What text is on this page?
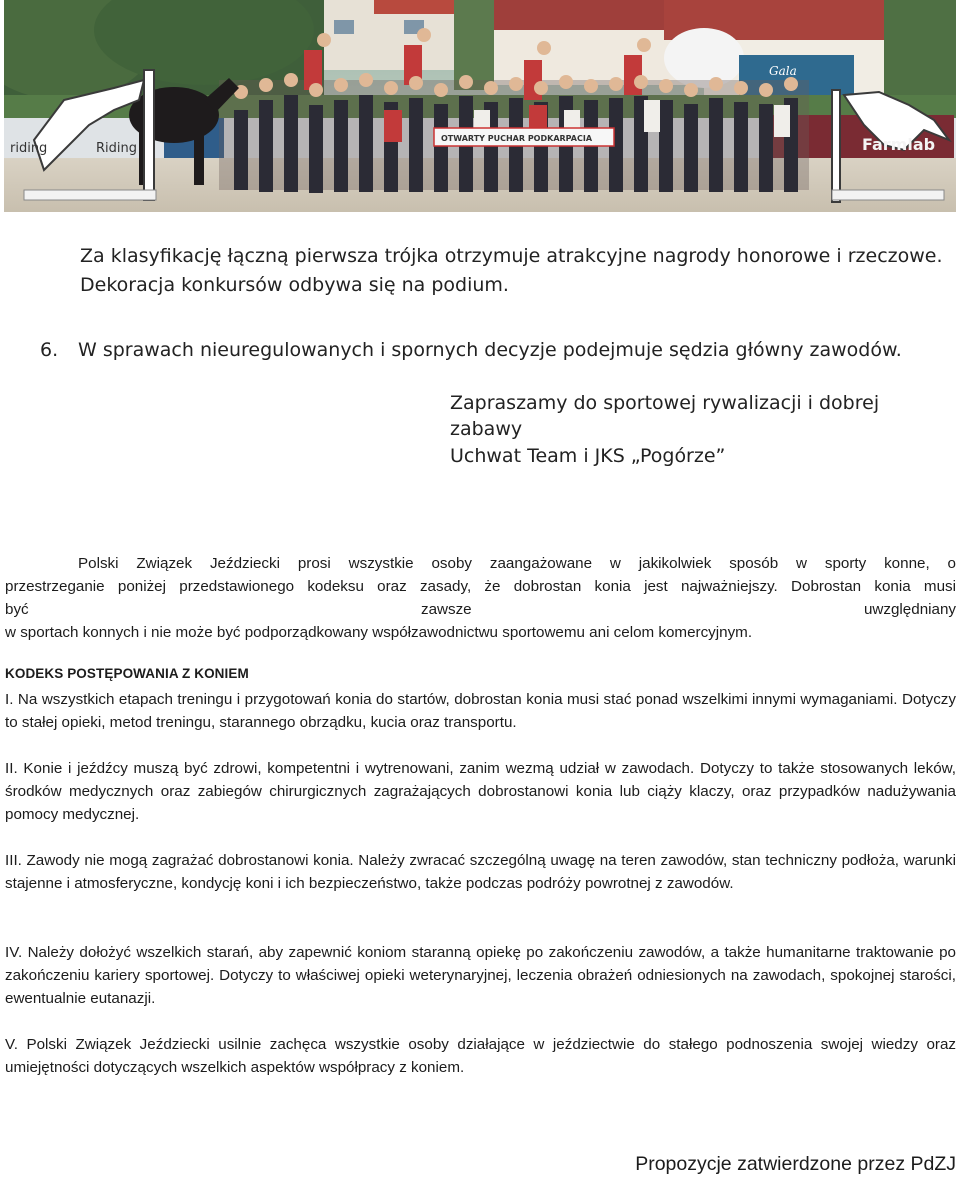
riding	Riding	Farmlab
Gala
OTWARTY PUCHAR PODKARPACIA
Za klasyfikację łączną pierwsza trójka otrzymuje atrakcyjne nagrody honorowe i rzeczowe.
Dekoracja konkursów odbywa się na podium.
6. W sprawach nieuregulowanych i spornych decyzje podejmuje sędzia główny zawodów.
Zapraszamy do sportowej rywalizacji i dobrej zabawy
Uchwat Team i JKS „Pogórze”
Polski Związek Jeździecki prosi wszystkie osoby zaangażowane w jakikolwiek sposób w sporty konne, o
przestrzeganie poniżej przedstawionego kodeksu oraz zasady, że dobrostan konia jest najważniejszy. Dobrostan konia musi
być zawsze uwzględniany
w sportach konnych i nie może być podporządkowany współzawodnictwu sportowemu ani celom komercyjnym.
KODEKS POSTĘPOWANIA Z KONIEM
I. Na wszystkich etapach treningu i przygotowań konia do startów, dobrostan konia musi stać ponad wszelkimi innymi wymaganiami. Dotyczy to stałej opieki, metod treningu, starannego obrządku, kucia oraz transportu.
II. Konie i jeźdźcy muszą być zdrowi, kompetentni i wytrenowani, zanim wezmą udział w zawodach. Dotyczy to także stosowanych leków, środków medycznych oraz zabiegów chirurgicznych zagrażających dobrostanowi konia lub ciąży klaczy, oraz przypadków nadużywania pomocy medycznej.
III. Zawody nie mogą zagrażać dobrostanowi konia. Należy zwracać szczególną uwagę na teren zawodów, stan techniczny podłoża, warunki stajenne i atmosferyczne, kondycję koni i ich bezpieczeństwo, także podczas podróży powrotnej z zawodów.
IV. Należy dołożyć wszelkich starań, aby zapewnić koniom staranną opiekę po zakończeniu zawodów, a także humanitarne traktowanie po zakończeniu kariery sportowej. Dotyczy to właściwej opieki weterynaryjnej, leczenia obrażeń odniesionych na zawodach, spokojnej starości, ewentualnie eutanazji.
V. Polski Związek Jeździecki usilnie zachęca wszystkie osoby działające w jeździectwie do stałego podnoszenia swojej wiedzy oraz umiejętności dotyczących wszelkich aspektów współpracy z koniem.
Propozycje zatwierdzone przez PdZJ
